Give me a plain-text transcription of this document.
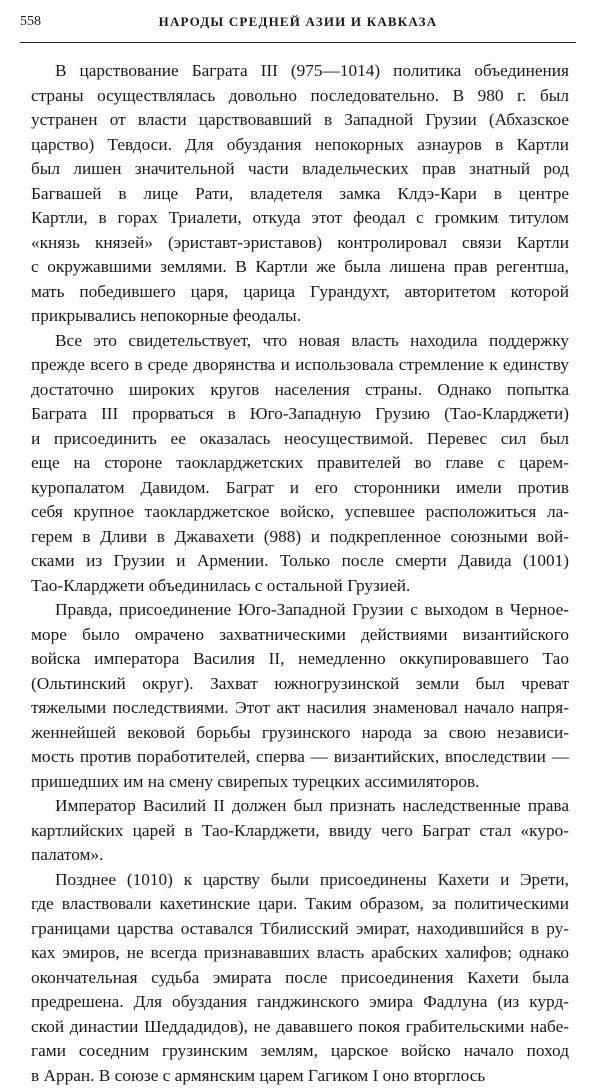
558	НАРОДЫ СРЕДНЕЙ АЗИИ И КАВКАЗА
В царствование Баграта III (975—1014) политика объединения
страны осуществлялась довольно последовательно. В 980 г. был
устранен от власти царствовавший в Западной Грузии (Абхазское
царство) Тевдоси. Для обуздания непокорных азнауров в Картли
был лишен значительной части владельческих прав знатный род
Багвашей в лице Рати, владетеля замка Клдэ-Кари в центре
Картли, в горах Триалети, откуда этот феодал с громким титулом
«князь князей» (эриставт-эриставов) контролировал связи Картли
с окружавшими землями. В Картли же была лишена прав регентша,
мать победившего царя, царица Гурандухт, авторитетом которой
прикрывались непокорные феодалы.
Все это свидетельствует, что новая власть находила поддержку
прежде всего в среде дворянства и использовала стремление к единству
достаточно широких кругов населения страны. Однако попытка
Баграта III прорваться в Юго-Западную Грузию (Тао-Кларджети)
и присоединить ее оказалась неосуществимой. Перевес сил был
еще на стороне таокларджетских правителей во главе с царем-
куропалатом Давидом. Баграт и его сторонники имели против
себя крупное таокларджетское войско, успевшее расположиться ла-
герем в Дливи в Джавахети (988) и подкрепленное союзными вой-
сками из Грузии и Армении. Только после смерти Давида (1001)
Тао-Кларджети объединилась с остальной Грузией.
Правда, присоединение Юго-Западной Грузии с выходом в Черное-
море было омрачено захватническими действиями византийского
войска императора Василия II, немедленно оккупировавшего Тао
(Ольтинский округ). Захват южногрузинской земли был чреват
тяжелыми последствиями. Этот акт насилия знаменовал начало напря-
женнейшей вековой борьбы грузинского народа за свою независи-
мость против поработителей, сперва — византийских, впоследствии —
пришедших им на смену свирепых турецких ассимиляторов.
Император Василий II должен был признать наследственные права
картлийских царей в Тао-Кларджети, ввиду чего Баграт стал «куро-
палатом».
Позднее (1010) к царству были присоединены Кахети и Эрети,
где властвовали кахетинские цари. Таким образом, за политическими
границами царства оставался Тбилисский эмират, находившийся в ру-
ках эмиров, не всегда признававших власть арабских халифов; однако
окончательная судьба эмирата после присоединения Кахети была
предрешена. Для обуздания ганджинского эмира Фадлуна (из курд-
ской династии Шеддадидов), не дававшего покоя грабительскими набе-
гами соседним грузинским землям, царское войско начало поход
в Арран. В союзе с армянским царем Гагиком I оно вторглось
